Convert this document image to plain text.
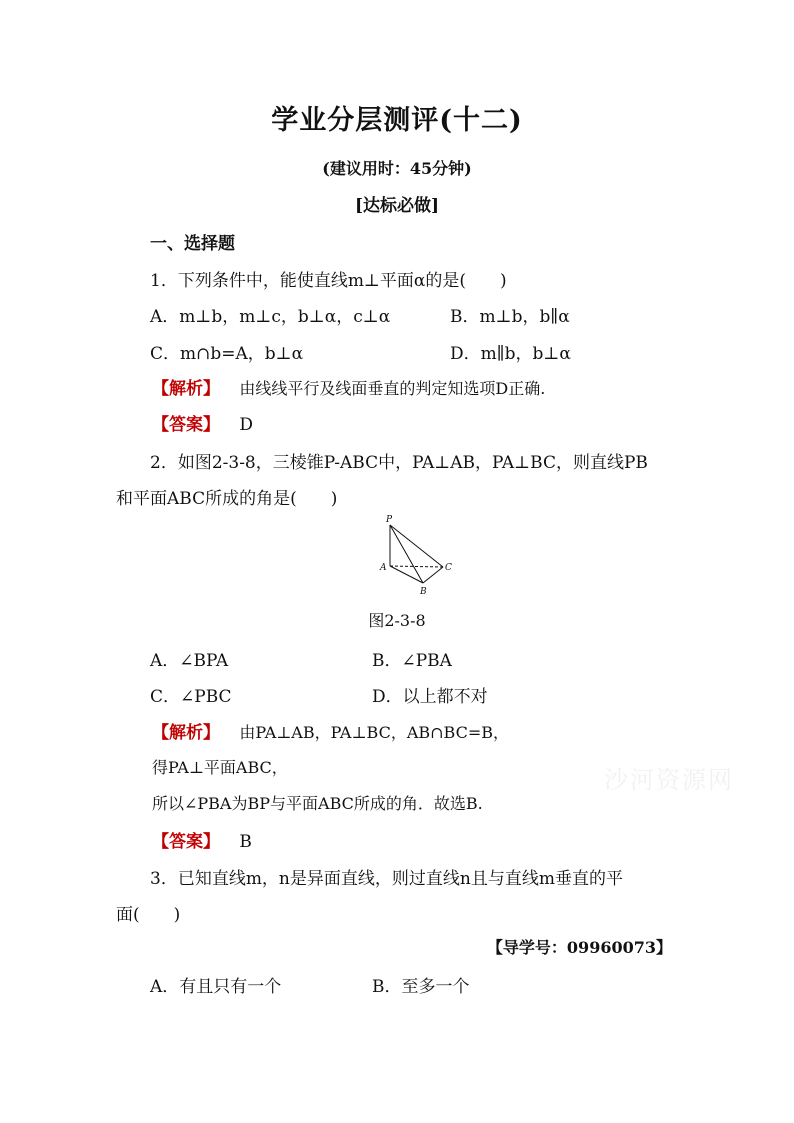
学业分层测评(十二)
(建议用时：45分钟)
[达标必做]
一、选择题
1．下列条件中，能使直线m⊥平面α的是(　　)
A．m⊥b，m⊥c，b⊥α，c⊥α	B．m⊥b，b∥α
C．m∩b=A，b⊥α	D．m∥b，b⊥α
【解析】 由线线平行及线面垂直的判定知选项D正确.
【答案】 D
2．如图2-3-8，三棱锥P-ABC中，PA⊥AB，PA⊥BC，则直线PB
和平面ABC所成的角是(　　)
P
A
B
C
图2-3-8
A．∠BPA	B．∠PBA
C．∠PBC	D．以上都不对
【解析】 由PA⊥AB，PA⊥BC，AB∩BC=B，
得PA⊥平面ABC，
所以∠PBA为BP与平面ABC所成的角．故选B.
【答案】 B
3．已知直线m，n是异面直线，则过直线n且与直线m垂直的平
面(　　)
【导学号：09960073】
A．有且只有一个	B．至多一个
沙河资源网
